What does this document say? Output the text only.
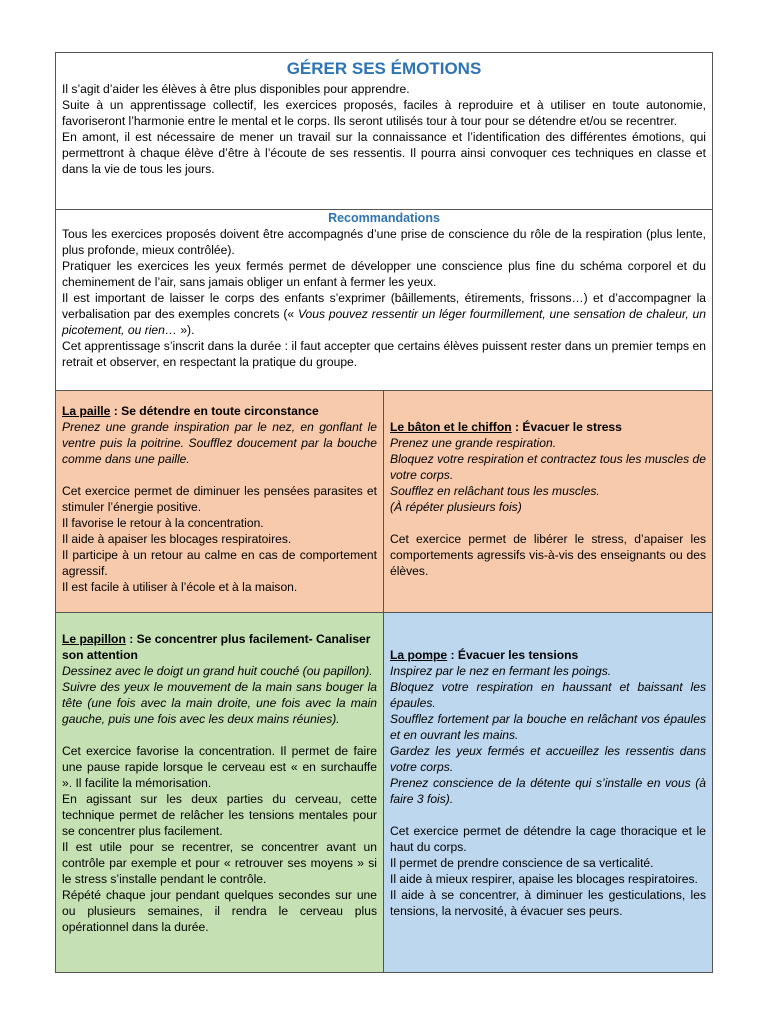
GÉRER SES ÉMOTIONS

Il s’agit d’aider les élèves à être plus disponibles pour apprendre.

Suite à un apprentissage collectif, les exercices proposés, faciles à reproduire et à utiliser en toute autonomie, favoriseront l’harmonie entre le mental et le corps. Ils seront utilisés tour à tour pour se détendre et/ou se recentrer.

En amont, il est nécessaire de mener un travail sur la connaissance et l’identification des différentes émotions, qui permettront à chaque élève d’être à l’écoute de ses ressentis. Il pourra ainsi convoquer ces techniques en classe et dans la vie de tous les jours.

Recommandations

Tous les exercices proposés doivent être accompagnés d’une prise de conscience du rôle de la respiration (plus lente, plus profonde, mieux contrôlée).

Pratiquer les exercices les yeux fermés permet de développer une conscience plus fine du schéma corporel et du cheminement de l’air, sans jamais obliger un enfant à fermer les yeux.

Il est important de laisser le corps des enfants s’exprimer (bâillements, étirements, frissons…) et d’accompagner la verbalisation par des exemples concrets (« Vous pouvez ressentir un léger fourmillement, une sensation de chaleur, un picotement, ou rien… »).

Cet apprentissage s’inscrit dans la durée : il faut accepter que certains élèves puissent rester dans un premier temps en retrait et observer, en respectant la pratique du groupe.

La paille : Se détendre en toute circonstance

Prenez une grande inspiration par le nez, en gonflant le ventre puis la poitrine. Soufflez doucement par la bouche comme dans une paille.

Cet exercice permet de diminuer les pensées parasites et stimuler l’énergie positive.

Il favorise le retour à la concentration.

Il aide à apaiser les blocages respiratoires.

Il participe à un retour au calme en cas de comportement agressif.

Il est facile à utiliser à l’école et à la maison.

Le bâton et le chiffon : Évacuer le stress

Prenez une grande respiration.

Bloquez votre respiration et contractez tous les muscles de votre corps.

Soufflez en relâchant tous les muscles.

(À répéter plusieurs fois)

Cet exercice permet de libérer le stress, d’apaiser les comportements agressifs vis-à-vis des enseignants ou des élèves.

Le papillon : Se concentrer plus facilement- Canaliser son attention

Dessinez avec le doigt un grand huit couché (ou papillon).

Suivre des yeux le mouvement de la main sans bouger la tête (une fois avec la main droite, une fois avec la main gauche, puis une fois avec les deux mains réunies).

Cet exercice favorise la concentration. Il permet de faire une pause rapide lorsque le cerveau est « en surchauffe ». Il facilite la mémorisation.

En agissant sur les deux parties du cerveau, cette technique permet de relâcher les tensions mentales pour se concentrer plus facilement.

Il est utile pour se recentrer, se concentrer avant un contrôle par exemple et pour « retrouver ses moyens » si le stress s’installe pendant le contrôle.

Répété chaque jour pendant quelques secondes sur une ou plusieurs semaines, il rendra le cerveau plus opérationnel dans la durée.

La pompe : Évacuer les tensions

Inspirez par le nez en fermant les poings.

Bloquez votre respiration en haussant et baissant les épaules.

Soufflez fortement par la bouche en relâchant vos épaules et en ouvrant les mains.

Gardez les yeux fermés et accueillez les ressentis dans votre corps.

Prenez conscience de la détente qui s’installe en vous (à faire 3 fois).

Cet exercice permet de détendre la cage thoracique et le haut du corps.

Il permet de prendre conscience de sa verticalité.

Il aide à mieux respirer, apaise les blocages respiratoires.

Il aide à se concentrer, à diminuer les gesticulations, les tensions, la nervosité, à évacuer ses peurs.
